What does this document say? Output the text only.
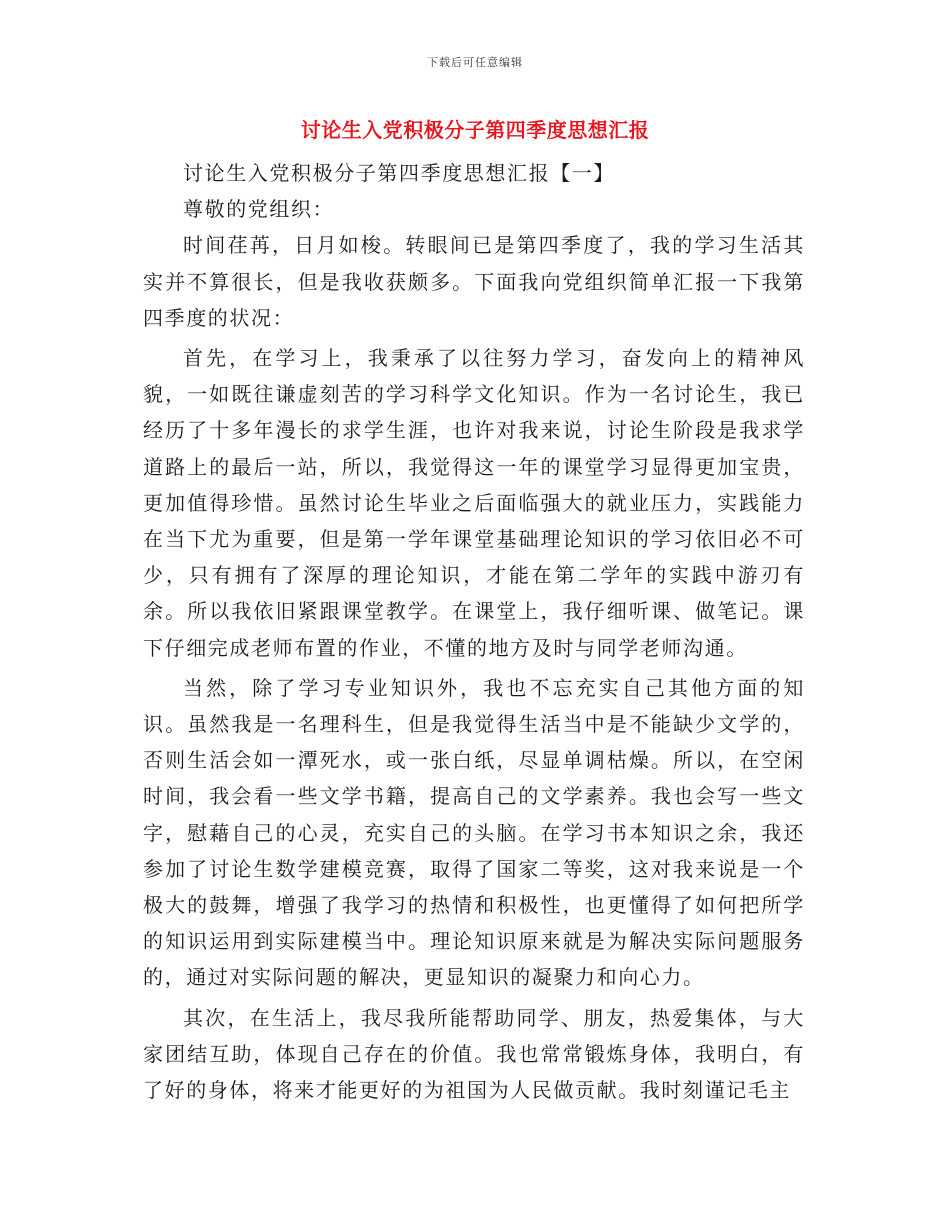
下载后可任意编辑
讨论生入党积极分子第四季度思想汇报

讨论生入党积极分子第四季度思想汇报【一】

尊敬的党组织：

时间荏苒，日月如梭。转眼间已是第四季度了，我的学习生活其实并不算很长，但是我收获颇多。下面我向党组织简单汇报一下我第四季度的状况：

首先，在学习上，我秉承了以往努力学习，奋发向上的精神风貌，一如既往谦虚刻苦的学习科学文化知识。作为一名讨论生，我已经历了十多年漫长的求学生涯，也许对我来说，讨论生阶段是我求学道路上的最后一站，所以，我觉得这一年的课堂学习显得更加宝贵，更加值得珍惜。虽然讨论生毕业之后面临强大的就业压力，实践能力在当下尤为重要，但是第一学年课堂基础理论知识的学习依旧必不可少，只有拥有了深厚的理论知识，才能在第二学年的实践中游刃有余。所以我依旧紧跟课堂教学。在课堂上，我仔细听课、做笔记。课下仔细完成老师布置的作业，不懂的地方及时与同学老师沟通。

当然，除了学习专业知识外，我也不忘充实自己其他方面的知识。虽然我是一名理科生，但是我觉得生活当中是不能缺少文学的，否则生活会如一潭死水，或一张白纸，尽显单调枯燥。所以，在空闲时间，我会看一些文学书籍，提高自己的文学素养。我也会写一些文字，慰藉自己的心灵，充实自己的头脑。在学习书本知识之余，我还参加了讨论生数学建模竞赛，取得了国家二等奖，这对我来说是一个极大的鼓舞，增强了我学习的热情和积极性，也更懂得了如何把所学的知识运用到实际建模当中。理论知识原来就是为解决实际问题服务的，通过对实际问题的解决，更显知识的凝聚力和向心力。

其次，在生活上，我尽我所能帮助同学、朋友，热爱集体，与大家团结互助，体现自己存在的价值。我也常常锻炼身体，我明白，有了好的身体，将来才能更好的为祖国为人民做贡献。我时刻谨记毛主
